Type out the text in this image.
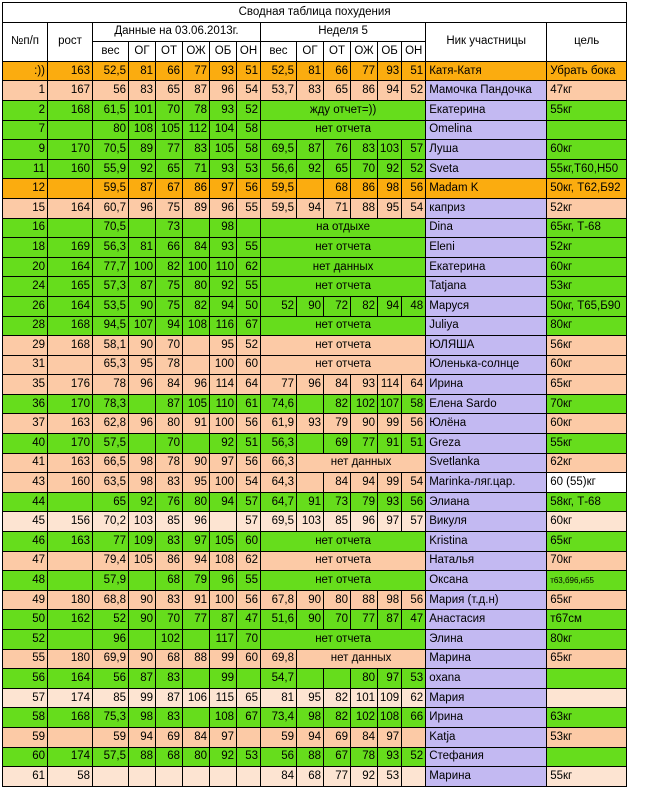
Сводная таблица похудения															
№п/п	рост	Данные на 03.06.2013г.						Неделя 5						Ник участницы	цель
		вес	ОГ	ОТ	ОЖ	ОБ	ОН	вес	ОГ	ОТ	ОЖ	ОБ	ОН		
:))	163	52,5	81	66	77	93	51	52,5	81	66	77	93	51	Катя-Катя	Убрать бока
1	167	56	83	65	87	96	54	53,7	83	65	86	94	52	Мамочка Пандочка	47кг
2	168	61,5	101	70	78	93	52	жду отчет=))						Екатерина	55кг
7		80	108	105	112	104	58	нет отчета						Omelina	
9	170	70,5	89	77	83	105	58	69,5	87	76	83	103	57	Луша	60кг
11	160	55,9	92	65	71	93	53	56,6	92	65	70	92	52	Sveta	55кг,Т60,Н50
12		59,5	87	67	86	97	56	59,5		68	86	98	56	Madam K	50кг, Т62,Б92
15	164	60,7	96	75	89	96	55	59,5	94	71	88	95	54	каприз	52кг
16		70,5		73		98		на отдыхе						Dina	65кг, Т-68
18	169	56,3	81	66	84	93	55	нет отчета						Eleni	52кг
20	164	77,7	100	82	100	110	62	нет данных						Екатерина	60кг
24	165	57,3	87	75	80	92	55	нет отчета						Tatjana	53кг
26	164	53,5	90	75	82	94	50	52	90	72	82	94	48	Маруся	50кг, Т65,Б90
28	168	94,5	107	94	108	116	67	нет отчета						Juliya	80кг
29	168	58,1	90	70		95	52	нет отчета						ЮЛЯША	56кг
31		65,3	95	78		100	60	нет отчета						Юленька-солнце	60кг
35	176	78	96	84	96	114	64	77	96	84	93	114	64	Ирина	65кг
36	170	78,3		87	105	110	61	74,6		82	102	107	58	Елена Sardo	70кг
37	163	62,8	96	80	91	100	56	61,9	93	79	90	99	56	Юлёна	60кг
40	170	57,5		70		92	51	56,3		69	77	91	51	Greza	55кг
41	163	66,5	98	78	90	97	56	66,3	нет данных					Svetlanka	62кг
43	160	63,5	98	83	95	100	54	64,3		84	94	99	54	Marinka-ляг.цар.	60 (55)кг
44		65	92	76	80	94	57	64,7	91	73	79	93	56	Элиана	58кг, Т-68
45	156	70,2	103	85	96		57	69,5	103	85	96	97	57	Викуля	60кг
46	163	77	109	83	97	105	60	нет отчета						Kristina	65кг
47		79,4	105	86	94	108	62	нет отчета						Наталья	70кг
48		57,9		68	79	96	55	нет отчета						Оксана	т63,б96,н55
49	180	68,8	90	83	91	100	56	67,8	90	80	88	98	56	Мария (т.д.н)	65кг
50	162	52	90	70	77	87	47	51,6	90	70	77	87	47	Анастасия	т67см
52		96		102		117	70	нет отчета						Элина	80кг
55	180	69,9	90	68	88	99	60	69,8	нет данных					Марина	65кг
56	164	56	87	83		99		54,7			80	97	53	oxana	
57	174	85	99	87	106	115	65	81	95	82	101	109	62	Мария	
58	168	75,3	98	83		108	67	73,4	98	82	102	108	66	Ирина	63кг
59		59	94	69	84	97		59	94	69	84	97		Katja	53кг
60	174	57,5	88	68	80	92	53	56	88	67	78	93	52	Стефания	
61	58							84	68	77	92	53		Марина	55кг
